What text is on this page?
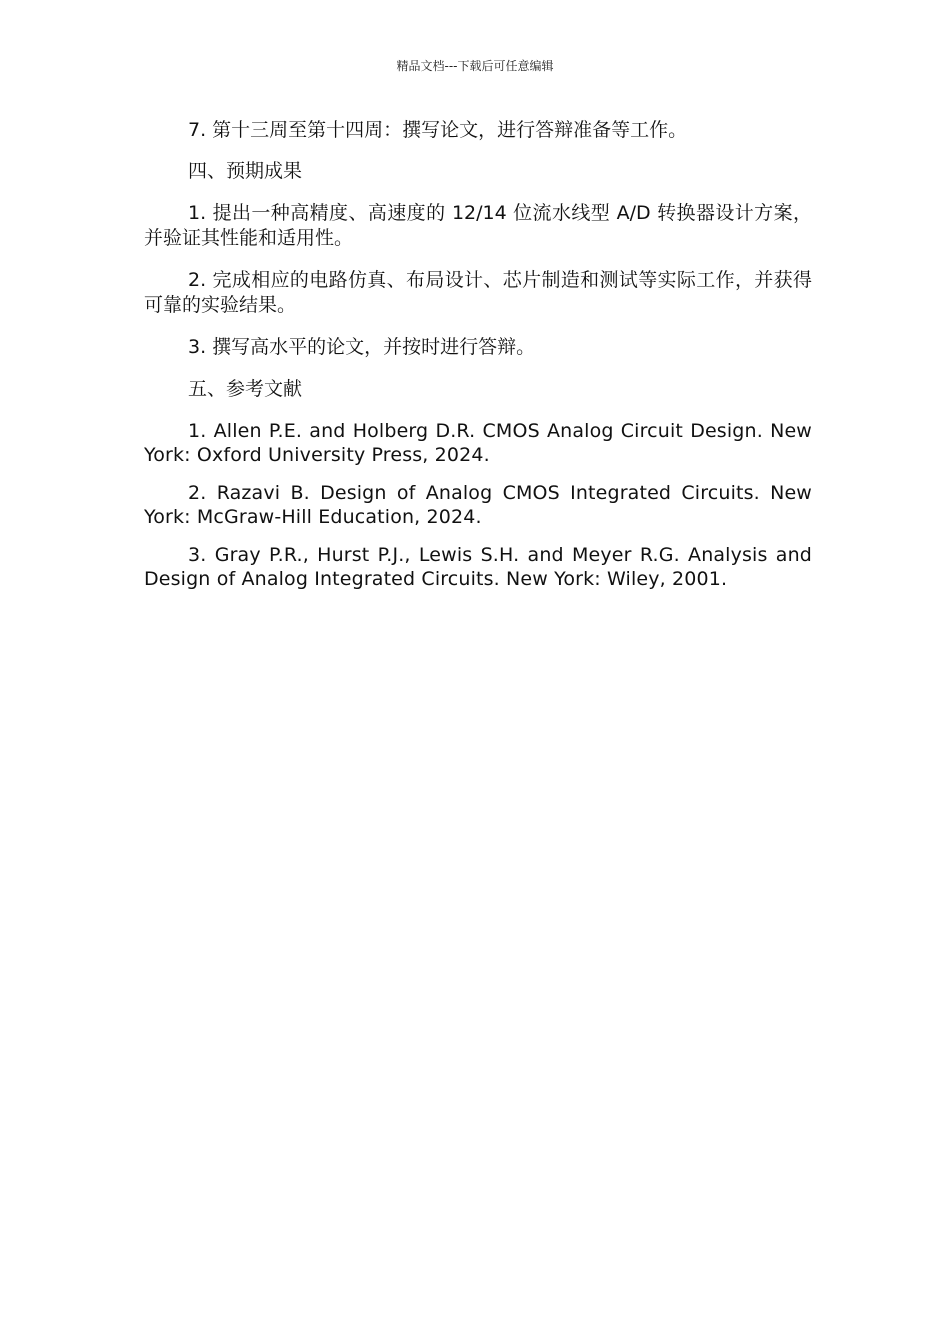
精品文档---下载后可任意编辑

7. 第十三周至第十四周：撰写论文，进行答辩准备等工作。

四、预期成果

1. 提出一种高精度、高速度的 12/14 位流水线型 A/D 转换器设计方案，并验证其性能和适用性。

2. 完成相应的电路仿真、布局设计、芯片制造和测试等实际工作，并获得可靠的实验结果。

3. 撰写高水平的论文，并按时进行答辩。

五、参考文献

1. Allen P.E. and Holberg D.R. CMOS Analog Circuit Design. New York: Oxford University Press, 2024.

2. Razavi B. Design of Analog CMOS Integrated Circuits. New York: McGraw-Hill Education, 2024.

3. Gray P.R., Hurst P.J., Lewis S.H. and Meyer R.G. Analysis and Design of Analog Integrated Circuits. New York: Wiley, 2001.
